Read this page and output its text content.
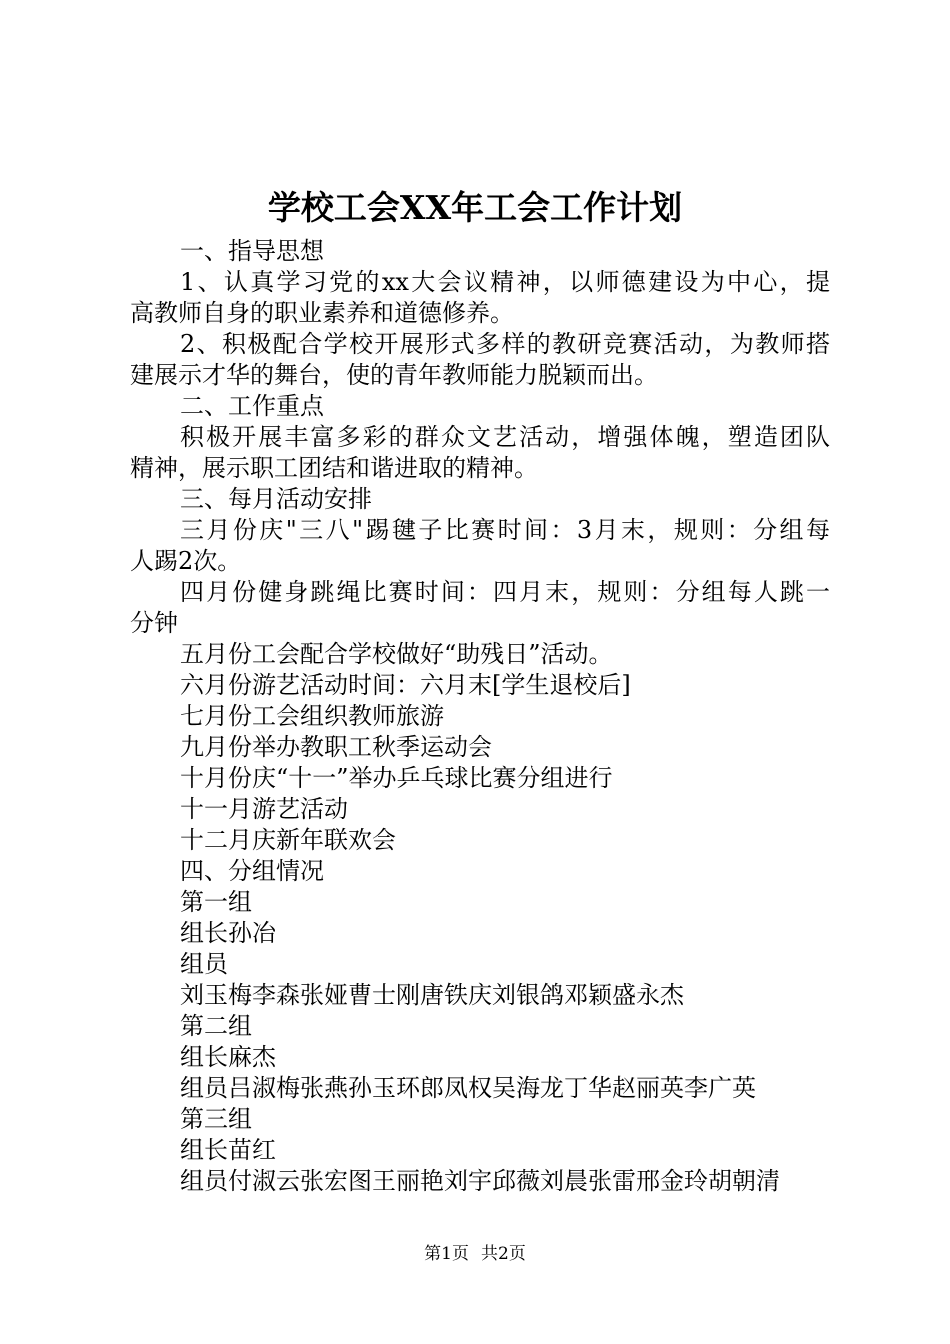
学校工会XX年工会工作计划
一、指导思想
1、认真学习党的xx大会议精神，以师德建设为中心，提
高教师自身的职业素养和道德修养。
2、积极配合学校开展形式多样的教研竞赛活动，为教师搭
建展示才华的舞台，使的青年教师能力脱颖而出。
二、工作重点
积极开展丰富多彩的群众文艺活动，增强体魄，塑造团队
精神，展示职工团结和谐进取的精神。
三、每月活动安排
三月份庆"三八"踢毽子比赛时间：3月末，规则：分组每
人踢2次。
四月份健身跳绳比赛时间：四月末，规则：分组每人跳一
分钟
五月份工会配合学校做好“助残日”活动。
六月份游艺活动时间：六月末[学生退校后]
七月份工会组织教师旅游
九月份举办教职工秋季运动会
十月份庆“十一”举办乒乓球比赛分组进行
十一月游艺活动
十二月庆新年联欢会
四、分组情况
第一组
组长孙冶
组员
刘玉梅李森张娅曹士刚唐铁庆刘银鸽邓颖盛永杰
第二组
组长麻杰
组员吕淑梅张燕孙玉环郎凤权吴海龙丁华赵丽英李广英
第三组
组长苗红
组员付淑云张宏图王丽艳刘宇邱薇刘晨张雷邢金玲胡朝清
第1页 共2页
